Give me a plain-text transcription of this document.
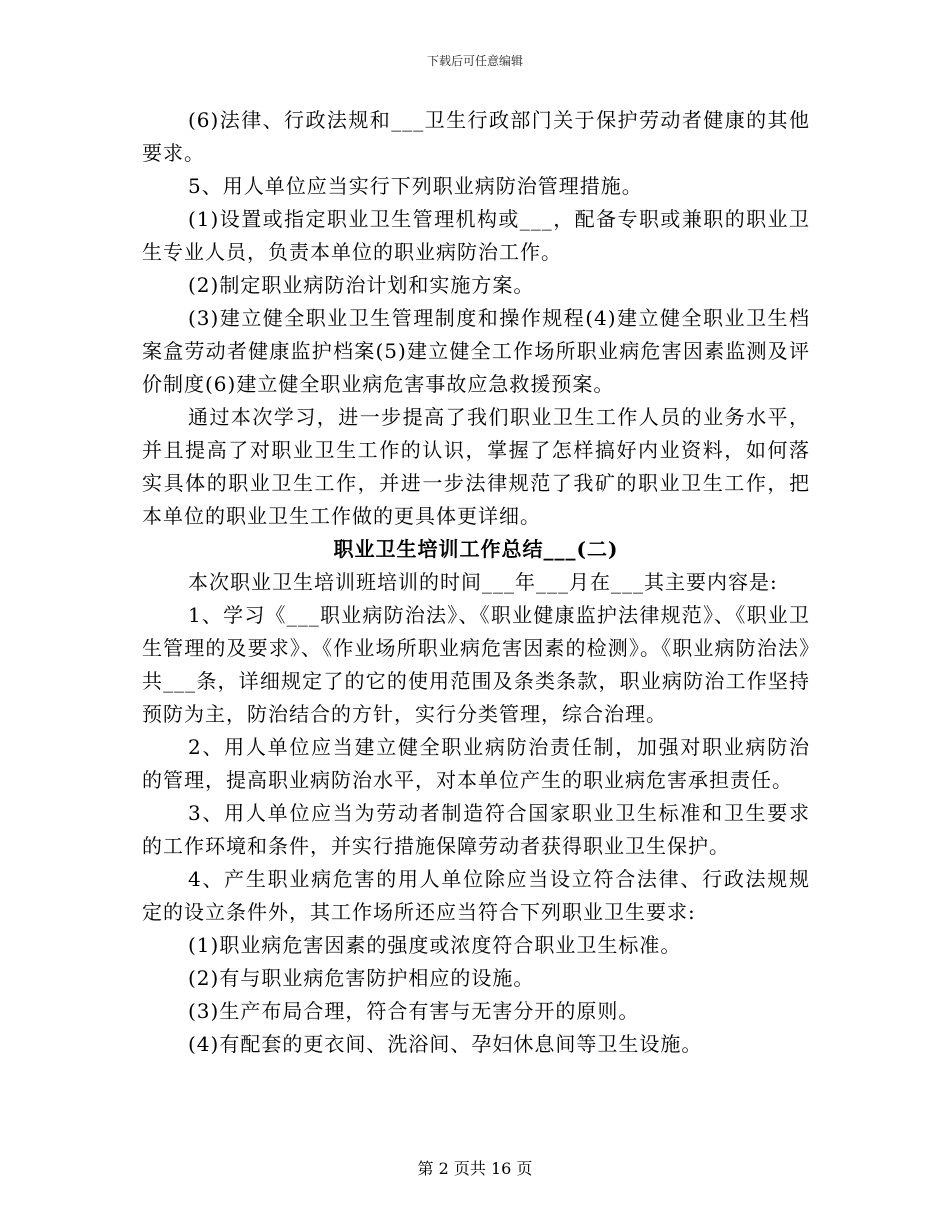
下载后可任意编辑

(6)法律、行政法规和___卫生行政部门关于保护劳动者健康的其他要求。

5、用人单位应当实行下列职业病防治管理措施。

(1)设置或指定职业卫生管理机构或___，配备专职或兼职的职业卫生专业人员，负责本单位的职业病防治工作。

(2)制定职业病防治计划和实施方案。

(3)建立健全职业卫生管理制度和操作规程(4)建立健全职业卫生档案盒劳动者健康监护档案(5)建立健全工作场所职业病危害因素监测及评价制度(6)建立健全职业病危害事故应急救援预案。

通过本次学习，进一步提高了我们职业卫生工作人员的业务水平，并且提高了对职业卫生工作的认识，掌握了怎样搞好内业资料，如何落实具体的职业卫生工作，并进一步法律规范了我矿的职业卫生工作，把本单位的职业卫生工作做的更具体更详细。

职业卫生培训工作总结___(二)

本次职业卫生培训班培训的时间___年___月在___其主要内容是:

1、学习《___职业病防治法》、《职业健康监护法律规范》、《职业卫生管理的及要求》、《作业场所职业病危害因素的检测》。《职业病防治法》共___条，详细规定了的它的使用范围及条类条款，职业病防治工作坚持预防为主，防治结合的方针，实行分类管理，综合治理。

2、用人单位应当建立健全职业病防治责任制，加强对职业病防治的管理，提高职业病防治水平，对本单位产生的职业病危害承担责任。

3、用人单位应当为劳动者制造符合国家职业卫生标准和卫生要求的工作环境和条件，并实行措施保障劳动者获得职业卫生保护。

4、产生职业病危害的用人单位除应当设立符合法律、行政法规规定的设立条件外，其工作场所还应当符合下列职业卫生要求:

(1)职业病危害因素的强度或浓度符合职业卫生标准。

(2)有与职业病危害防护相应的设施。

(3)生产布局合理，符合有害与无害分开的原则。

(4)有配套的更衣间、洗浴间、孕妇休息间等卫生设施。

第 2 页共 16 页
